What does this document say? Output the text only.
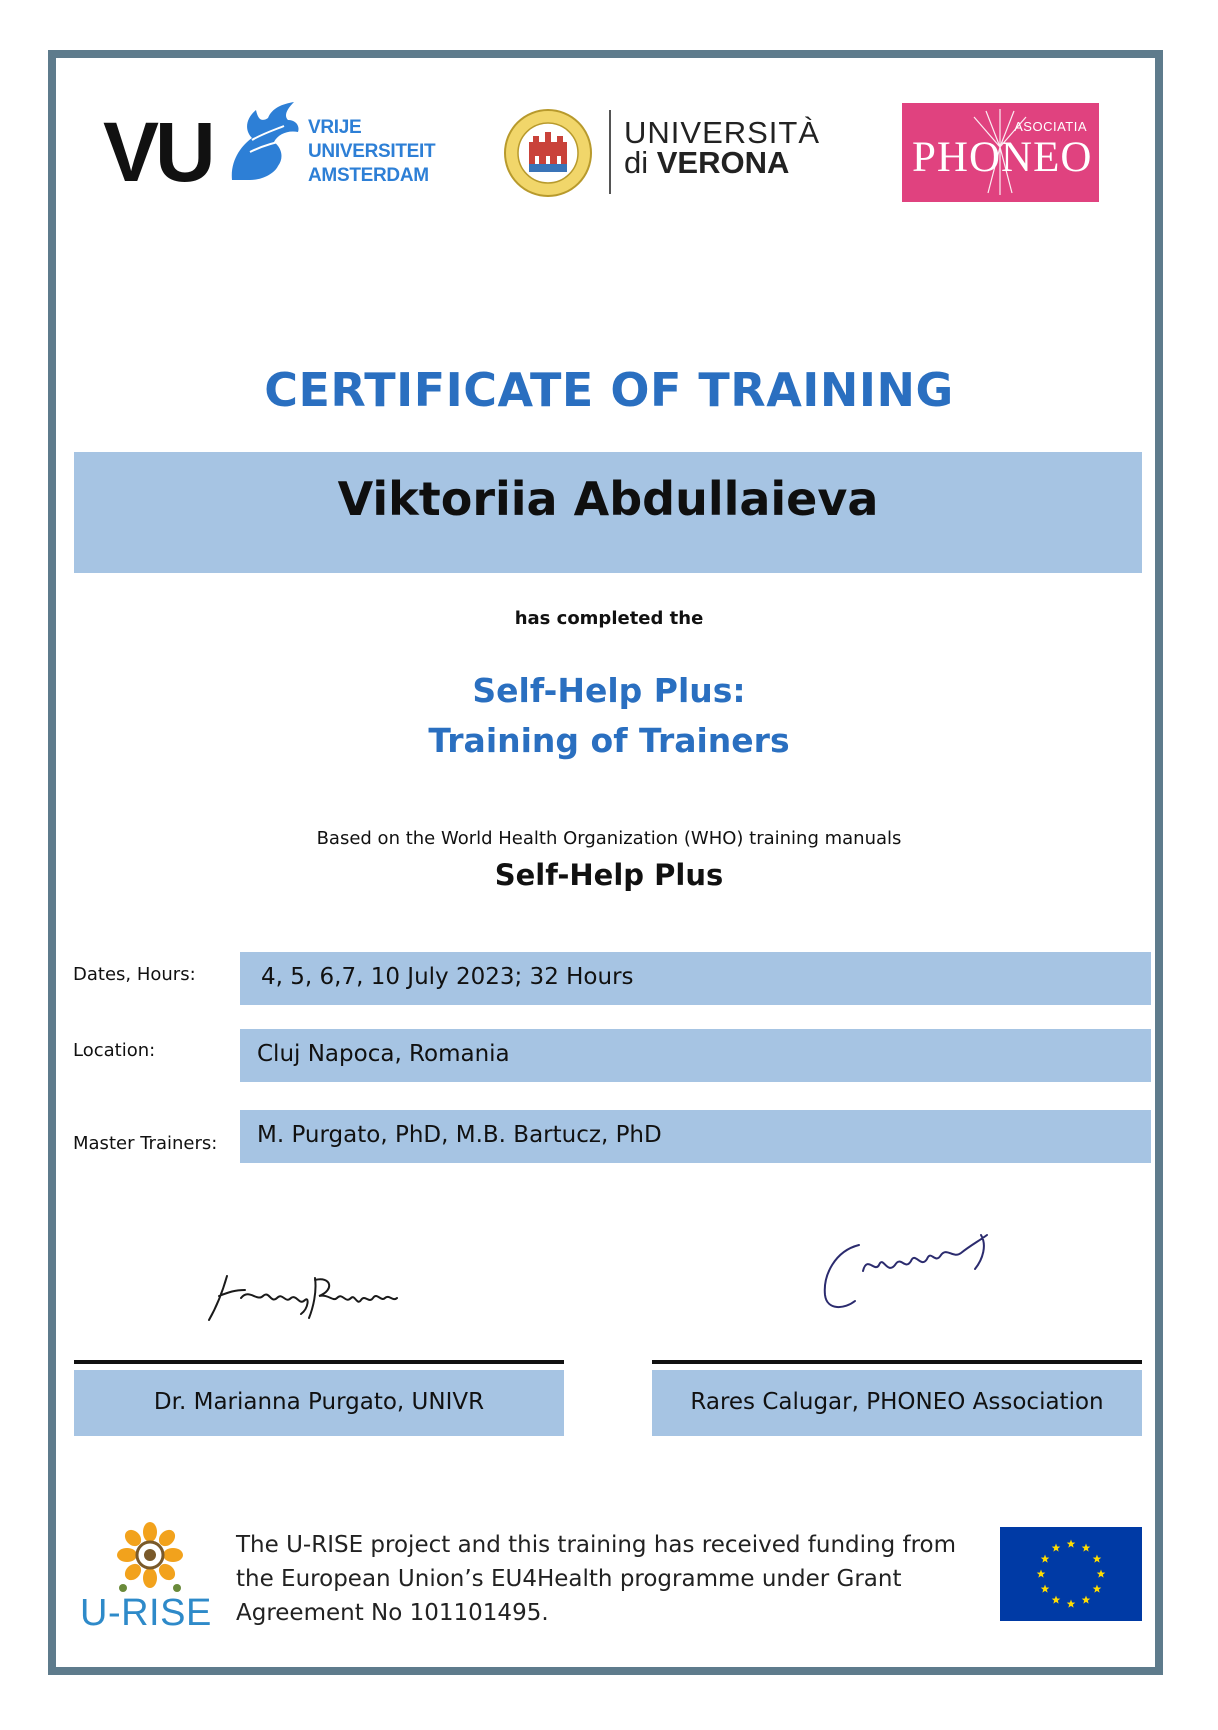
VU	VRIJE
UNIVERSITEIT
AMSTERDAM
UNIVERSITÀ
di VERONA
ASOCIATIA
PHONEO
CERTIFICATE OF TRAINING
Viktoriia Abdullaieva
has completed the
Self-Help Plus:
Training of Trainers
Based on the World Health Organization (WHO) training manuals
Self-Help Plus
Dates, Hours:	4, 5, 6,7, 10 July 2023; 32 Hours
Location:	Cluj Napoca, Romania
Master Trainers: M. Purgato, PhD, M.B. Bartucz, PhD
Dr. Marianna Purgato, UNIVR	Rares Calugar, PHONEO Association
U-RISE
The U-RISE project and this training has received funding from the European Union’s EU4Health programme under Grant Agreement No 101101495.
